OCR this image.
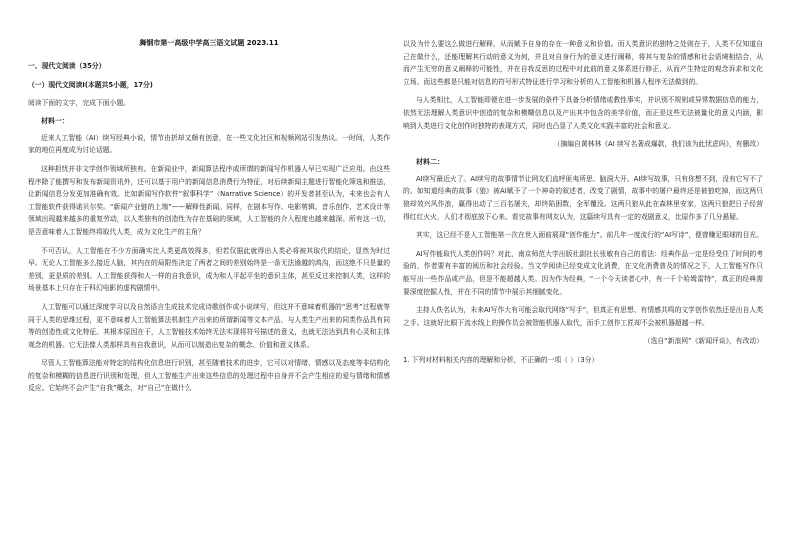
舞钢市第一高级中学高三语文试题 2023.11

一、现代文阅读（35分）

（一）现代文阅读Ⅰ(本题共5小题，17分)

阅读下面的文字，完成下面小题。

材料一：

近来人工智能（AI）续写经典小说，情节由折却又颇有创意，在一些文化社区和视频网站引发热议。一时间，人类作家的地位再度成为讨论话题。

这种担忧并非文学创作领域所独有。在新闻业中，新闻算法程序或所谓的新闻写作机器人早已实现广泛应用。由这些程序除了能撰写和发布新闻资讯外，还可以基于用户的新闻信息消费行为特征，对后续新闻主题进行智能化筛选和推送，让新闻信息分发更加准确有效。比如新闻写作软件“叙事科学”（Narrative Science）的开发者甚至认为，未来也会有人工智能软件获得诺贝尔奖。“新闻产业链的上端”——解释性新闻。同样，在剧本写作、电影剪辑、音乐创作、艺术设计等领域出现越来越多的重复劳动，以人类独有的创造性为存在基础的领域，人工智能的介入程度也越来越深。所有这一切，是否意味着人工智能终将取代人类，成为文化生产的主角？

不可否认，人工智能在不少方面确实比人类更高效得多，但若仅据此就得出人类必将被其取代的结论，显然为时过早。无论人工智能多么接近人脑，其内在的局限性决定了两者之间的差别始终是一条无法逾越的鸿沟，而这绝不只是量的差别，更是质的差别。人工智能获得和人一样的自我意识，成为和人平起平坐的意识主体，甚至反过来控制人类，这样的场景基本上只存在于科幻电影的虚构剧情中。

人工智能可以通过深度学习以及自然语言生成技术完成诗歌创作或小说续写，但这并不意味着机器的“思考”过程就等同于人类的思维过程，更不意味着人工智能算法机制生产出来的所谓新闻等文本产品，与人类生产出来的同类作品具有同等的创造性或文化特征。其根本原因在于，人工智能技术始终无法实现将符号描述的意义，也就无法达到具有心灵和主体观念的机器。它无法像人类那样具有自我意识，从而可以制造出复杂的概念、价值和意义体系。

尽管人工智能算法能对特定的结构化信息进行识别，甚至随着技术的进步，它可以对情绪、情感以及态度等非结构化的复杂和模糊的信息进行识别和处理，但人工智能生产出来这些信息的处理过程中自身并不会产生相应的爱与情绪和情感反应。它始终不会产生“自我”概念，对“自己”在做什么

以及为什么要这么做进行解释，从而赋予自身的存在一种意义和价值。而人类意识的独特之处则在于，人类不仅知道自己在做什么，还能理解其行动的意义为何，并且对自身行为的意义进行阐释，将其与复杂的情感和社会语境相结合，从而产生无穷的意义阐释的可能性，并在自我反思的过程中对此前的意义体系进行修正，从而产生特定的观念诉求和文化立场。而这些都是只能对信息的符号形式特征进行学习和分析的人工智能和机器人程序无法做到的。

与人类相比，人工智能即便在进一步发展的条件下具备分析情绪或教性事实，并识别不规则或异常数据信息的能力，依然无法理解人类意识中创造的复杂和模糊信息以及产出其中包含的美学价值，而正是这些无法被量化的意义内涵，影响到人类进行文化创作时独特的表现方式，同时也凸显了人类文化实践丰富的社会和意义。

（摘编自黄林林《AI 续写名著成爆款，我们该为此忧虑吗》，有删改）

材料二：

AI续写最近火了。AI续写的故事情节让网友们直呼匪夷所思、脑洞大开。AI续写故事，只有你想不到，没有它写不了的。如知道经典的故事《狼》被AI赋予了一个神奇的叙述者，改变了剧情，故事中的屠户最终还是被狼吃掉，而这两只狼却效兴风作浪，赢得出动了三百名屠夫，却终陷困数，全军覆没。这两只狼从此在森林里安家，这两只狼把日子经营得红红火火，人们才彻底放下心来。看完故事有网友认为，这篇续写具有一定的戏剧意义，比原作多了几分悬疑。

其实，这已经不是人工智能第一次在世人面前展现“创作能力”。前几年一度流行的“AI写诗”，便曾赚足眼球的目光。

AI写作能取代人类创作吗？对此，南京师范大学出版社副社长张敏有自己的看法：经典作品一定是经受住了时间的考验的，作者要有丰富的阅历和社会经验。当文学阅读已经变成文化消费，在文化消费普及的情况之下，人工智能写作只能写出一些作品或产品，但是不能超越人类。因为作为经典，“一个今天读者心中，有一千个哈姆雷特”，真正的经典需要深度挖掘人性，并在不同的情节中展示其细腻变化。

主持人佚名认为，未来AI写作大有可能会取代网络“写手”，但真正有思想、有情感共鸣的文学创作依然还是出自人类之手。这就好比眼下流水线上的操作员会被智能机器人取代，而手工创作工匠却不会被机器超越一样。

（选自“新浪网”《新闻评谈》，有改动）

1. 下列对材料相关内容的理解和分析，不正确的一项（ ）（3分）
